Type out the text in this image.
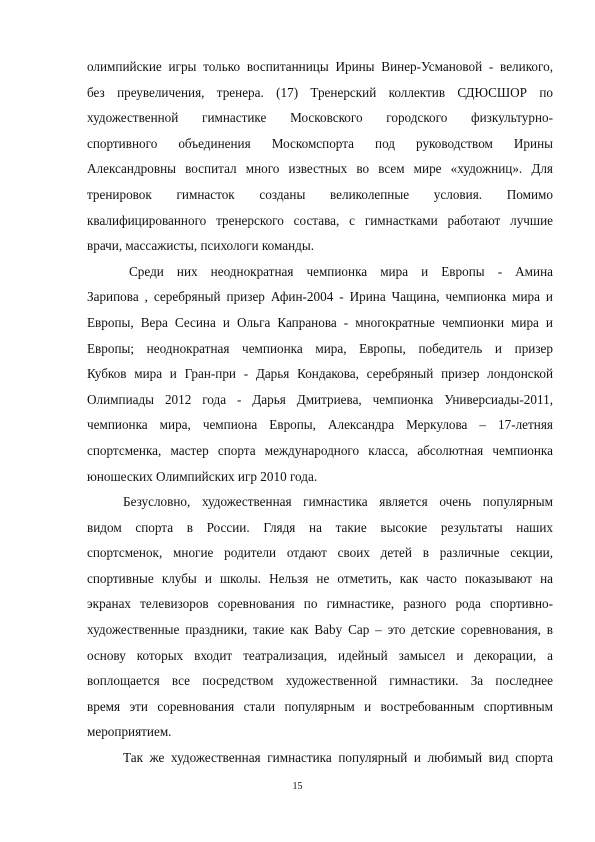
олимпийские игры только воспитанницы Ирины Винер-Усмановой - великого,
без преувеличения, тренера. (17) Тренерский коллектив СДЮСШОР по
художественной гимнастике Московского городского физкультурно-
спортивного объединения Москомспорта под руководством Ирины
Александровны воспитал много известных во всем мире «художниц». Для
тренировок гимнасток созданы великолепные условия. Помимо
квалифицированного тренерского состава, с гимнастками работают лучшие
врачи, массажисты, психологи команды.
Среди них неоднократная чемпионка мира и Европы - Амина
Зарипова , серебряный призер Афин-2004 - Ирина Чащина, чемпионка мира и
Европы, Вера Сесина и Ольга Капранова - многократные чемпионки мира и
Европы; неоднократная чемпионка мира, Европы, победитель и призер
Кубков мира и Гран-при - Дарья Кондакова, серебряный призер лондонской
Олимпиады 2012 года - Дарья Дмитриева, чемпионка Универсиады-2011,
чемпионка мира, чемпиона Европы, Александра Меркулова – 17-летняя
спортсменка, мастер спорта международного класса, абсолютная чемпионка
юношеских Олимпийских игр 2010 года.
Безусловно, художественная гимнастика является очень популярным
видом спорта в России. Глядя на такие высокие результаты наших
спортсменок, многие родители отдают своих детей в различные секции,
спортивные клубы и школы. Нельзя не отметить, как часто показывают на
экранах телевизоров соревнования по гимнастике, разного рода спортивно-
художественные праздники, такие как Baby Cap – это детские соревнования, в
основу которых входит театрализация, идейный замысел и декорации, а
воплощается все посредством художественной гимнастики. За последнее
время эти соревнования стали популярным и востребованным спортивным
мероприятием.
Так же художественная гимнастика популярный и любимый вид спорта
15
